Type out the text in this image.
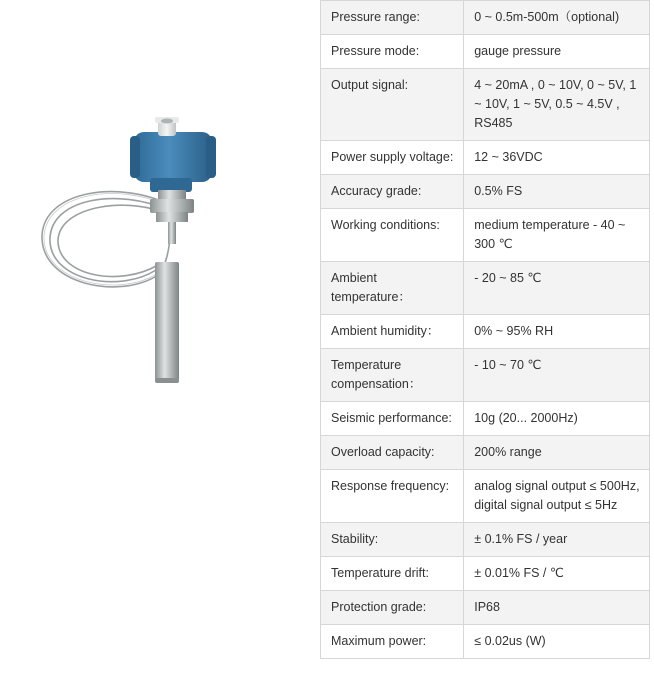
Pressure range:	0 ~ 0.5m-500m（optional)
Pressure mode:	gauge pressure
Output signal:	4 ~ 20mA , 0 ~ 10V, 0 ~ 5V, 1 ~ 10V, 1 ~ 5V, 0.5 ~ 4.5V , RS485
Power supply voltage:	12 ~ 36VDC
Accuracy grade:	0.5% FS
Working conditions:	medium temperature - 40 ~ 300 ℃
Ambient temperature：	- 20 ~ 85 ℃
Ambient humidity：	0% ~ 95% RH
Temperature compensation：	- 10 ~ 70 ℃
Seismic performance:	10g (20... 2000Hz)
Overload capacity:	200% range
Response frequency:	analog signal output ≤ 500Hz, digital signal output ≤ 5Hz
Stability:	± 0.1% FS / year
Temperature drift:	± 0.01% FS / ℃
Protection grade:	IP68
Maximum power:	≤ 0.02us (W)
